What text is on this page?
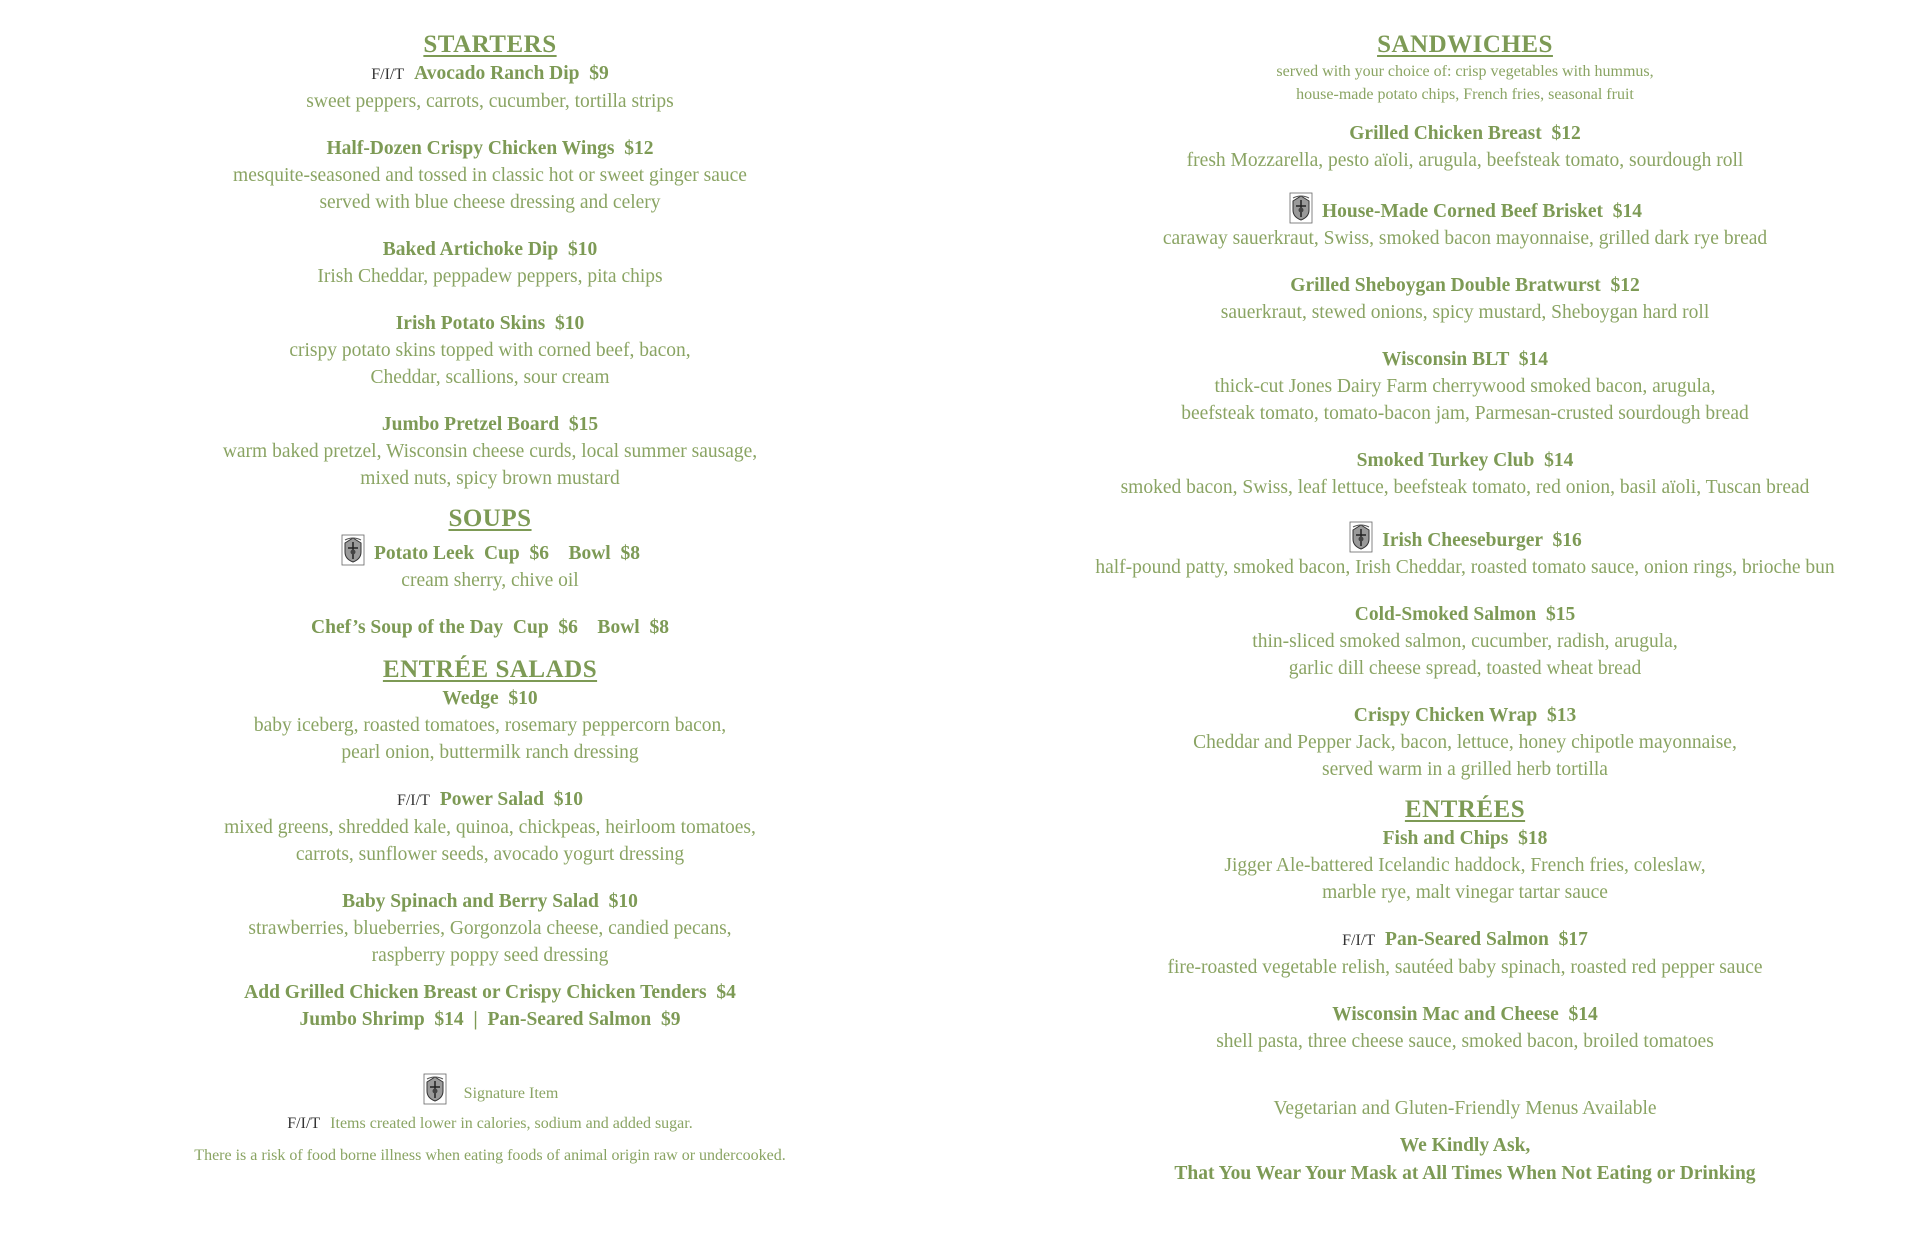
STARTERS
F/I/T Avocado Ranch Dip  $9
sweet peppers, carrots, cucumber, tortilla strips
Half-Dozen Crispy Chicken Wings  $12
mesquite-seasoned and tossed in classic hot or sweet ginger sauce
served with blue cheese dressing and celery
Baked Artichoke Dip  $10
Irish Cheddar, peppadew peppers, pita chips
Irish Potato Skins  $10
crispy potato skins topped with corned beef, bacon,
Cheddar, scallions, sour cream
Jumbo Pretzel Board  $15
warm baked pretzel, Wisconsin cheese curds, local summer sausage,
mixed nuts, spicy brown mustard
SOUPS
Potato Leek  Cup  $6    Bowl  $8
cream sherry, chive oil
Chef’s Soup of the Day  Cup  $6    Bowl  $8
ENTRÉE SALADS
Wedge  $10
baby iceberg, roasted tomatoes, rosemary peppercorn bacon,
pearl onion, buttermilk ranch dressing
F/I/T Power Salad  $10
mixed greens, shredded kale, quinoa, chickpeas, heirloom tomatoes,
carrots, sunflower seeds, avocado yogurt dressing
Baby Spinach and Berry Salad  $10
strawberries, blueberries, Gorgonzola cheese, candied pecans,
raspberry poppy seed dressing
Add Grilled Chicken Breast or Crispy Chicken Tenders  $4
Jumbo Shrimp  $14  |  Pan-Seared Salmon  $9
Signature Item
F/I/T Items created lower in calories, sodium and added sugar.
There is a risk of food borne illness when eating foods of animal origin raw or undercooked.
SANDWICHES
served with your choice of: crisp vegetables with hummus,
house-made potato chips, French fries, seasonal fruit
Grilled Chicken Breast  $12
fresh Mozzarella, pesto aïoli, arugula, beefsteak tomato, sourdough roll
House-Made Corned Beef Brisket  $14
caraway sauerkraut, Swiss, smoked bacon mayonnaise, grilled dark rye bread
Grilled Sheboygan Double Bratwurst  $12
sauerkraut, stewed onions, spicy mustard, Sheboygan hard roll
Wisconsin BLT  $14
thick-cut Jones Dairy Farm cherrywood smoked bacon, arugula,
beefsteak tomato, tomato-bacon jam, Parmesan-crusted sourdough bread
Smoked Turkey Club  $14
smoked bacon, Swiss, leaf lettuce, beefsteak tomato, red onion, basil aïoli, Tuscan bread
Irish Cheeseburger  $16
half-pound patty, smoked bacon, Irish Cheddar, roasted tomato sauce, onion rings, brioche bun
Cold-Smoked Salmon  $15
thin-sliced smoked salmon, cucumber, radish, arugula,
garlic dill cheese spread, toasted wheat bread
Crispy Chicken Wrap  $13
Cheddar and Pepper Jack, bacon, lettuce, honey chipotle mayonnaise,
served warm in a grilled herb tortilla
ENTRÉES
Fish and Chips  $18
Jigger Ale-battered Icelandic haddock, French fries, coleslaw,
marble rye, malt vinegar tartar sauce
F/I/T Pan-Seared Salmon  $17
fire-roasted vegetable relish, sautéed baby spinach, roasted red pepper sauce
Wisconsin Mac and Cheese  $14
shell pasta, three cheese sauce, smoked bacon, broiled tomatoes
Vegetarian and Gluten-Friendly Menus Available
We Kindly Ask,
That You Wear Your Mask at All Times When Not Eating or Drinking
